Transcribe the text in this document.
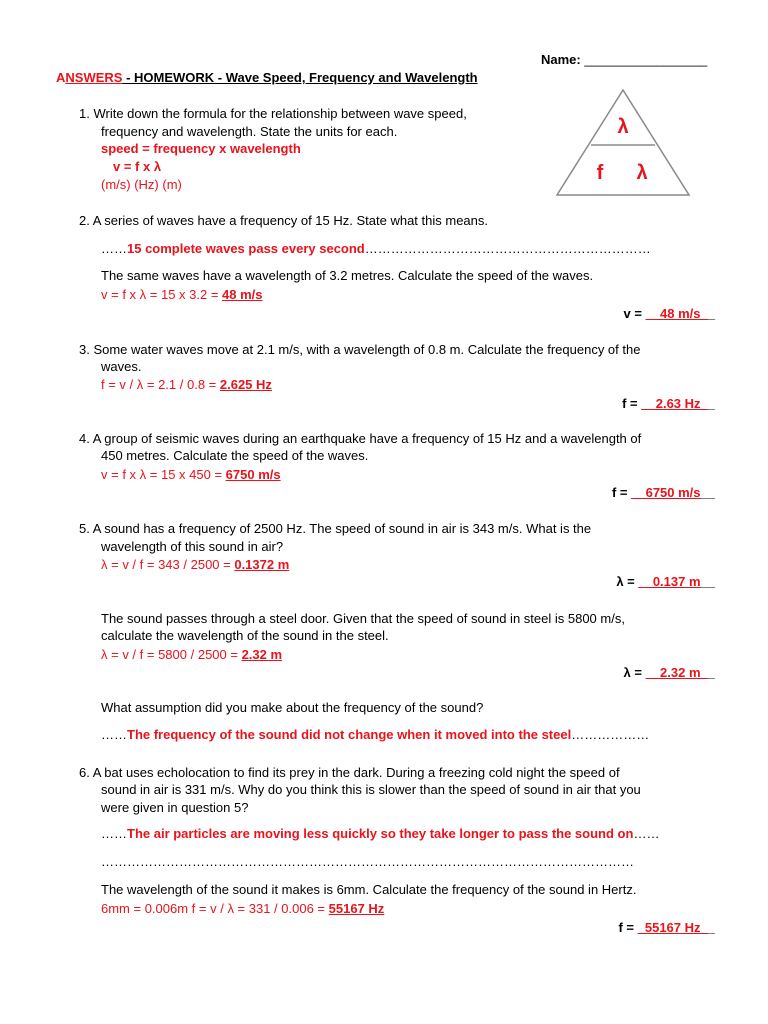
Name: _________________
ANSWERS - HOMEWORK - Wave Speed, Frequency and Wavelength
λ
f λ
1. Write down the formula for the relationship between wave speed,
frequency and wavelength. State the units for each.
speed = frequency x wavelength
v = f x λ
(m/s) (Hz) (m)
2. A series of waves have a frequency of 15 Hz. State what this means.
……15 complete waves pass every second…………………………………………………………
The same waves have a wavelength of 3.2 metres. Calculate the speed of the waves.
v = f x λ = 15 x 3.2 = 48 m/s
v = __48 m/s__
3. Some water waves move at 2.1 m/s, with a wavelength of 0.8 m. Calculate the frequency of the
waves.
f = v / λ = 2.1 / 0.8 = 2.625 Hz
f = __2.63 Hz__
4. A group of seismic waves during an earthquake have a frequency of 15 Hz and a wavelength of
450 metres. Calculate the speed of the waves.
v = f x λ = 15 x 450 = 6750 m/s
f = __6750 m/s__
5. A sound has a frequency of 2500 Hz. The speed of sound in air is 343 m/s. What is the
wavelength of this sound in air?
λ = v / f = 343 / 2500 = 0.1372 m
λ = __0.137 m__
The sound passes through a steel door. Given that the speed of sound in steel is 5800 m/s,
calculate the wavelength of the sound in the steel.
λ = v / f = 5800 / 2500 = 2.32 m
λ = __2.32 m__
What assumption did you make about the frequency of the sound?
……The frequency of the sound did not change when it moved into the steel………………
6. A bat uses echolocation to find its prey in the dark. During a freezing cold night the speed of
sound in air is 331 m/s. Why do you think this is slower than the speed of sound in air that you
were given in question 5?
……The air particles are moving less quickly so they take longer to pass the sound on……
……………………………………………………………………………………………………………
The wavelength of the sound it makes is 6mm. Calculate the frequency of the sound in Hertz.
6mm = 0.006m f = v / λ = 331 / 0.006 = 55167 Hz
f = _55167 Hz__
